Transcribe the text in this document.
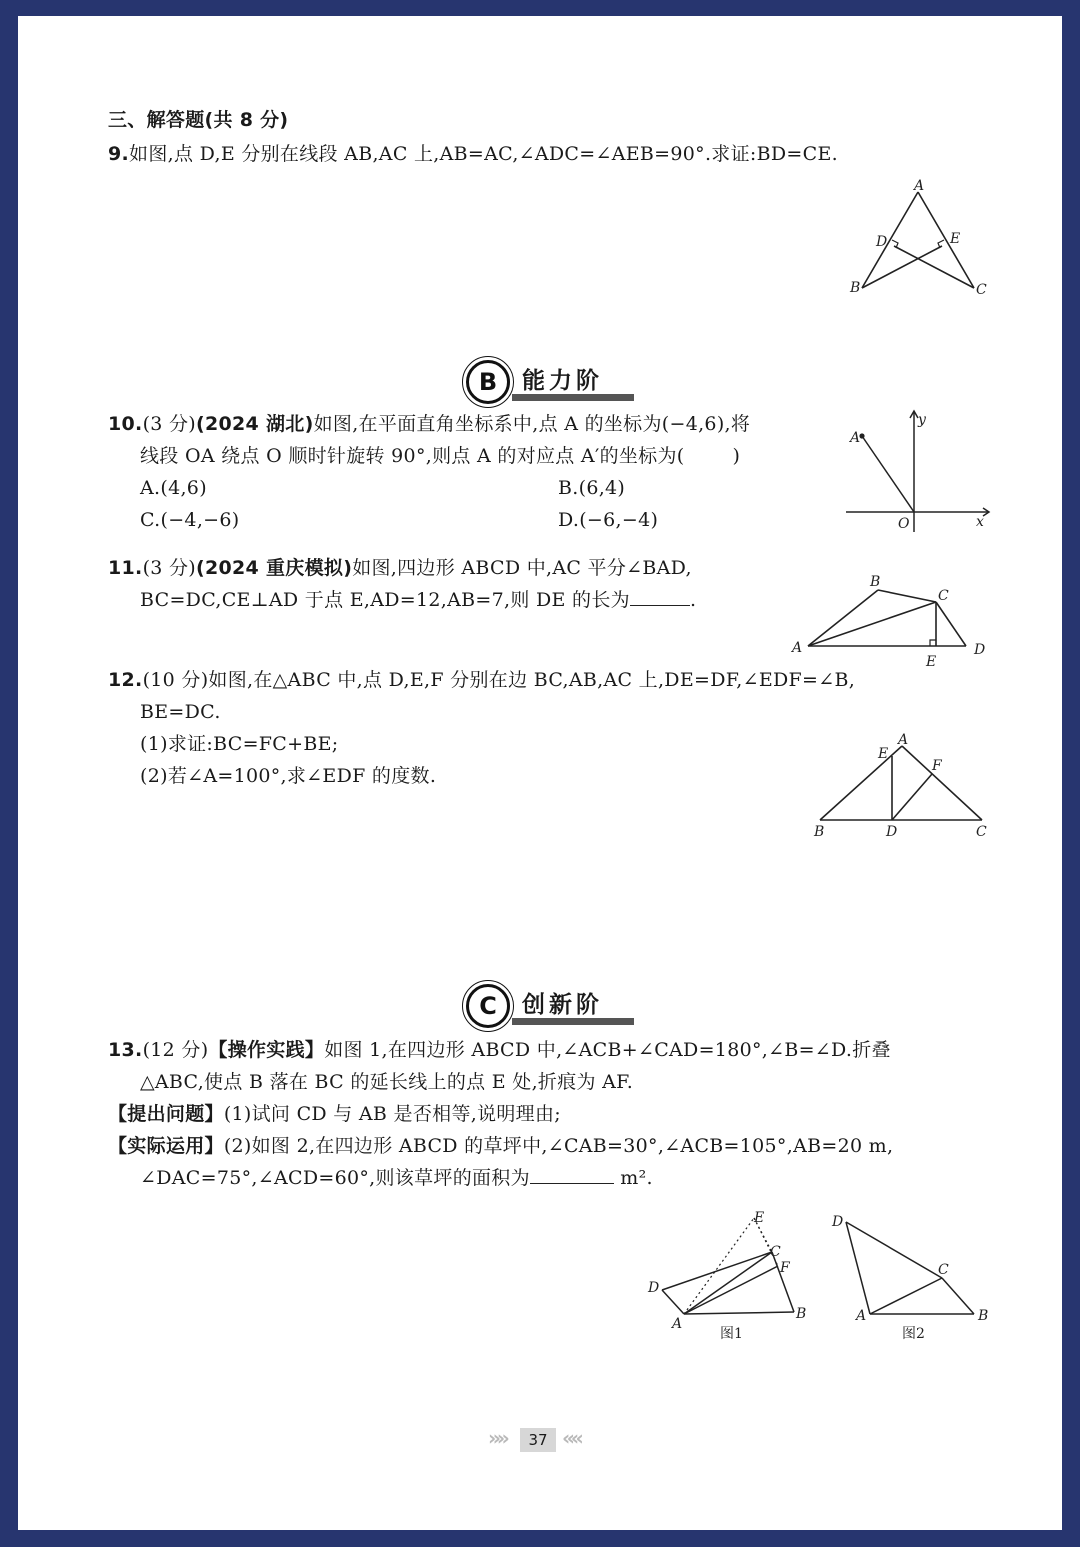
三、解答题(共 8 分)
9.如图,点 D,E 分别在线段 AB,AC 上,AB=AC,∠ADC=∠AEB=90°.求证:BD=CE.
A
D	E
B	C
B	能力阶
10.(3 分)(2024 湖北)如图,在平面直角坐标系中,点 A 的坐标为(−4,6),将
线段 OA 绕点 O 顺时针旋转 90°,则点 A 的对应点 A′的坐标为(	)
A.(4,6)	B.(6,4)
C.(−4,−6)	D.(−6,−4)
A
O	x
y
11.(3 分)(2024 重庆模拟)如图,四边形 ABCD 中,AC 平分∠BAD,
BC=DC,CE⊥AD 于点 E,AD=12,AB=7,则 DE 的长为	.
B
C
A	D
E
12.(10 分)如图,在△ABC 中,点 D,E,F 分别在边 BC,AB,AC 上,DE=DF,∠EDF=∠B,
BE=DC.
(1)求证:BC=FC+BE;
(2)若∠A=100°,求∠EDF 的度数.
A
E
F
B	D	C
C	创新阶
13.(12 分)【操作实践】如图 1,在四边形 ABCD 中,∠ACB+∠CAD=180°,∠B=∠D.折叠
△ABC,使点 B 落在 BC 的延长线上的点 E 处,折痕为 AF.
【提出问题】(1)试问 CD 与 AB 是否相等,说明理由;
【实际运用】(2)如图 2,在四边形 ABCD 的草坪中,∠CAB=30°,∠ACB=105°,AB=20 m,
∠DAC=75°,∠ACD=60°,则该草坪的面积为	m².
E
C
F
D
A
B
图1
D
C
A	B
图2
»»	37 ««
